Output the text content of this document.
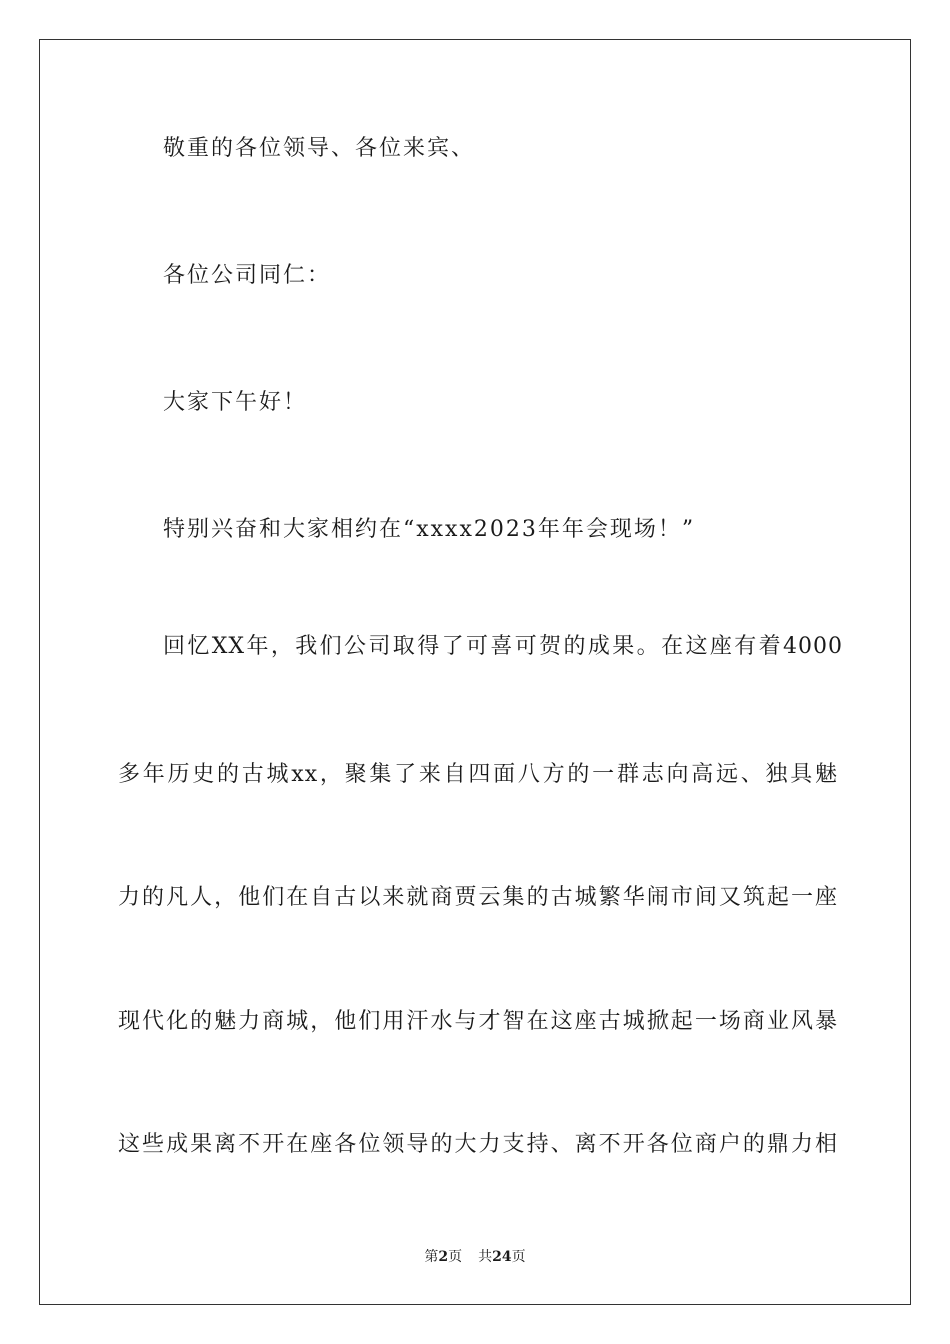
敬重的各位领导、各位来宾、
各位公司同仁：
大家下午好！
特别兴奋和大家相约在“xxxx2023年年会现场！”
回忆XX年，我们公司取得了可喜可贺的成果。在这座有着4000
多年历史的古城xx，聚集了来自四面八方的一群志向高远、独具魅
力的凡人，他们在自古以来就商贾云集的古城繁华闹市间又筑起一座
现代化的魅力商城，他们用汗水与才智在这座古城掀起一场商业风暴
这些成果离不开在座各位领导的大力支持、离不开各位商户的鼎力相
第2页 共24页
